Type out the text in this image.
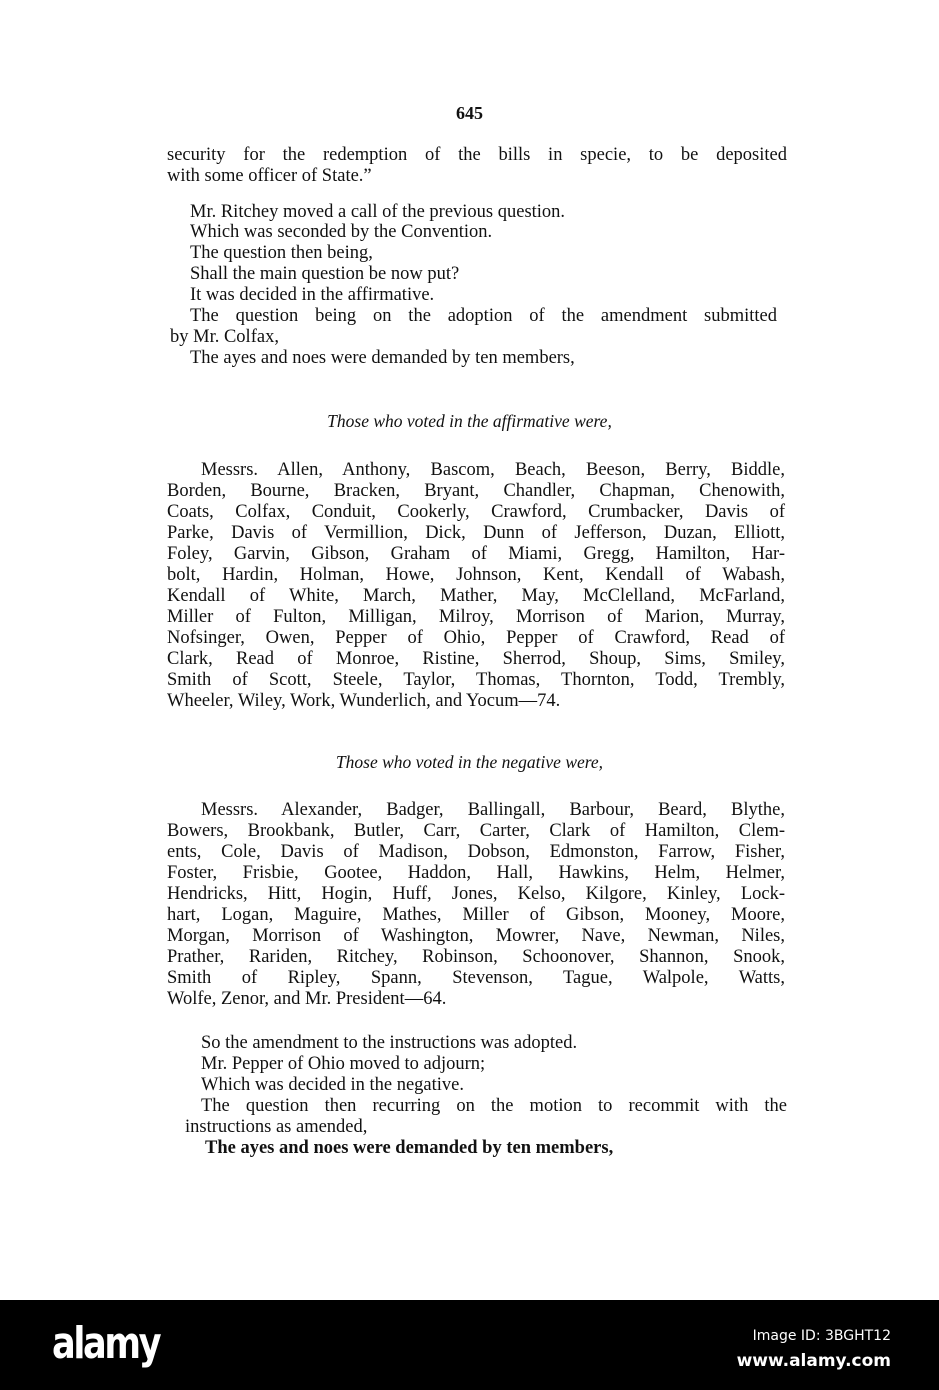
645
security for the redemption of the bills in specie, to be deposited
with some officer of State.”
Mr. Ritchey moved a call of the previous question.
Which was seconded by the Convention.
The question then being,
Shall the main question be now put?
It was decided in the affirmative.
The question being on the adoption of the amendment submitted
by Mr. Colfax,
The ayes and noes were demanded by ten members,
Those who voted in the affirmative were,
Messrs. Allen, Anthony, Bascom, Beach, Beeson, Berry, Biddle,
Borden, Bourne, Bracken, Bryant, Chandler, Chapman, Chenowith,
Coats, Colfax, Conduit, Cookerly, Crawford, Crumbacker, Davis of
Parke, Davis of Vermillion, Dick, Dunn of Jefferson, Duzan, Elliott,
Foley, Garvin, Gibson, Graham of Miami, Gregg, Hamilton, Har-
bolt, Hardin, Holman, Howe, Johnson, Kent, Kendall of Wabash,
Kendall of White, March, Mather, May, McClelland, McFarland,
Miller of Fulton, Milligan, Milroy, Morrison of Marion, Murray,
Nofsinger, Owen, Pepper of Ohio, Pepper of Crawford, Read of
Clark, Read of Monroe, Ristine, Sherrod, Shoup, Sims, Smiley,
Smith of Scott, Steele, Taylor, Thomas, Thornton, Todd, Trembly,
Wheeler, Wiley, Work, Wunderlich, and Yocum—74.
Those who voted in the negative were,
Messrs. Alexander, Badger, Ballingall, Barbour, Beard, Blythe,
Bowers, Brookbank, Butler, Carr, Carter, Clark of Hamilton, Clem-
ents, Cole, Davis of Madison, Dobson, Edmonston, Farrow, Fisher,
Foster, Frisbie, Gootee, Haddon, Hall, Hawkins, Helm, Helmer,
Hendricks, Hitt, Hogin, Huff, Jones, Kelso, Kilgore, Kinley, Lock-
hart, Logan, Maguire, Mathes, Miller of Gibson, Mooney, Moore,
Morgan, Morrison of Washington, Mowrer, Nave, Newman, Niles,
Prather, Rariden, Ritchey, Robinson, Schoonover, Shannon, Snook,
Smith of Ripley, Spann, Stevenson, Tague, Walpole, Watts,
Wolfe, Zenor, and Mr. President—64.
So the amendment to the instructions was adopted.
Mr. Pepper of Ohio moved to adjourn;
Which was decided in the negative.
The question then recurring on the motion to recommit with the
instructions as amended,
The ayes and noes were demanded by ten members,
alamy	Image ID: 3BGHT12
www.alamy.com
